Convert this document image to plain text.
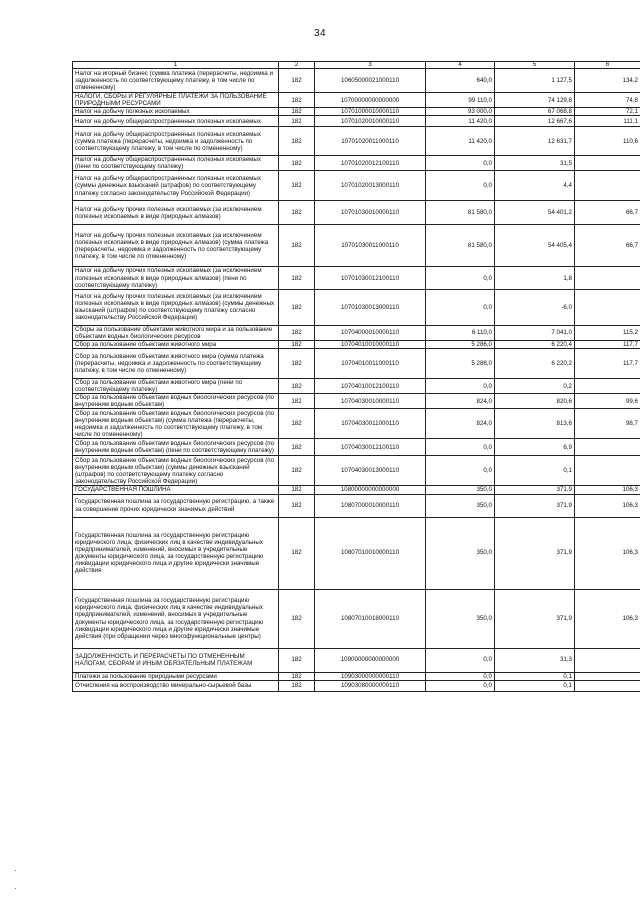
34
1	2	3	4	5	6
Налог на игорный бизнес (сумма платежа (перерасчеты, недоимка и задолженность по соответствующему платежу, в том числе по отмененному)	182	10605000021000110	640,0	1 127,5	134,2
НАЛОГИ, СБОРЫ И РЕГУЛЯРНЫЕ ПЛАТЕЖИ ЗА ПОЛЬЗОВАНИЕ ПРИРОДНЫМИ РЕСУРСАМИ	182	10700000000000000	99 110,0	74 129,8	74,8
Налог на добычу полезных ископаемых	182	10701000010000110	93 000,0	67 068,8	72,1
Налог на добычу общераспространенных полезных ископаемых	182	10701020010000110	11 420,0	12 667,6	111,1
Налог на добычу общераспространенных полезных ископаемых (сумма платежа (перерасчеты, недоимка и задолженность по соответствующему платежу, в том числе по отмененному)	182	10701020011000110	11 420,0	12 631,7	110,6
Налог на добычу общераспространенных полезных ископаемых (пени по соответствующему платежу)	182	10701020012100110	0,0	31,5	
Налог на добычу общераспространенных полезных ископаемых (суммы денежных взысканий (штрафов) по соответствующему платежу согласно законодательству Российской Федерации)	182	10701020013000110	0,0	4,4	
Налог на добычу прочих полезных ископаемых (за исключением полезных ископаемых в виде природных алмазов)	182	10701030010000110	81 580,0	54 401,2	66,7
Налог на добычу прочих полезных ископаемых (за исключением полезных ископаемых в виде природных алмазов) (сумма платежа (перерасчеты, недоимка и задолженность по соответствующему платежу, в том числе по отмененному)	182	10701030011000110	81 580,0	54 405,4	66,7
Налог на добычу прочих полезных ископаемых (за исключением полезных ископаемых в виде природных алмазов) (пени по соответствующему платежу)	182	10701030012100110	0,0	1,8	
Налог на добычу прочих полезных ископаемых (за исключением полезных ископаемых в виде природных алмазов) (суммы денежных взысканий (штрафов) по соответствующему платежу согласно законодательству Российской Федерации)	182	10701030013000110	0,0	-6,0	
Сборы за пользование объектами животного мира и за пользование объектами водных биологических ресурсов	182	10704000010000110	6 110,0	7 041,0	115,2
Сбор за пользование объектами животного мира	182	10704010010000110	5 286,0	6 220,4	117,7
Сбор за пользование объектами животного мира (сумма платежа (перерасчеты, недоимка и задолженность по соответствующему платежу, в том числе по отмененному)	182	10704010011000110	5 286,0	6 220,2	117,7
Сбор за пользование объектами животного мира (пени по соответствующему платежу)	182	10704010012100110	0,0	0,2	
Сбор за пользование объектами водных биологических ресурсов (по внутренним водным объектам)	182	10704030010000110	824,0	820,6	99,6
Сбор за пользование объектами водных биологических ресурсов (по внутренним водным объектам) (сумма платежа (перерасчеты, недоимка и задолженность по соответствующему платежу, в том числе по отмененному)	182	10704030011000110	824,0	813,6	98,7
Сбор за пользование объектами водных биологических ресурсов (по внутренним водным объектам) (пени по соответствующему платежу)	182	10704030012100110	0,0	6,9	
Сбор за пользование объектами водных биологических ресурсов (по внутренним водным объектам) (суммы денежных взысканий (штрафов) по соответствующему платежу согласно законодательству Российской Федерации)	182	10704030013000110	0,0	0,1	
ГОСУДАРСТВЕННАЯ ПОШЛИНА	182	10800000000000000	350,0	371,9	106,3
Государственная пошлина за государственную регистрацию, а также за совершение прочих юридически значимых действий	182	10807000010000110	350,0	371,9	106,3
Государственная пошлина за государственную регистрацию юридического лица, физических лиц в качестве индивидуальных предпринимателей, изменений, вносимых в учредительные документы юридического лица, за государственную регистрацию ликвидации юридического лица и другие юридически значимые действия	182	10807010010000110	350,0	371,9	106,3
Государственная пошлина за государственную регистрацию юридического лица, физических лиц в качестве индивидуальных предпринимателей, изменений, вносимых в учредительные документы юридического лица, за государственную регистрацию ликвидации юридического лица и другие юридически значимые действия (при обращении через многофункциональные центры)	182	10807010018000110	350,0	371,9	106,3
ЗАДОЛЖЕННОСТЬ И ПЕРЕРАСЧЕТЫ ПО ОТМЕНЕННЫМ НАЛОГАМ, СБОРАМ И ИНЫМ ОБЯЗАТЕЛЬНЫМ ПЛАТЕЖАМ	182	10900000000000000	0,0	31,3	
Платежи за пользование природными ресурсами	182	10903000000000110	0,0	0,1	
Отчисления на воспроизводство минерально-сырьевой базы	182	10903080000000110	0,0	0,1	
·
·
